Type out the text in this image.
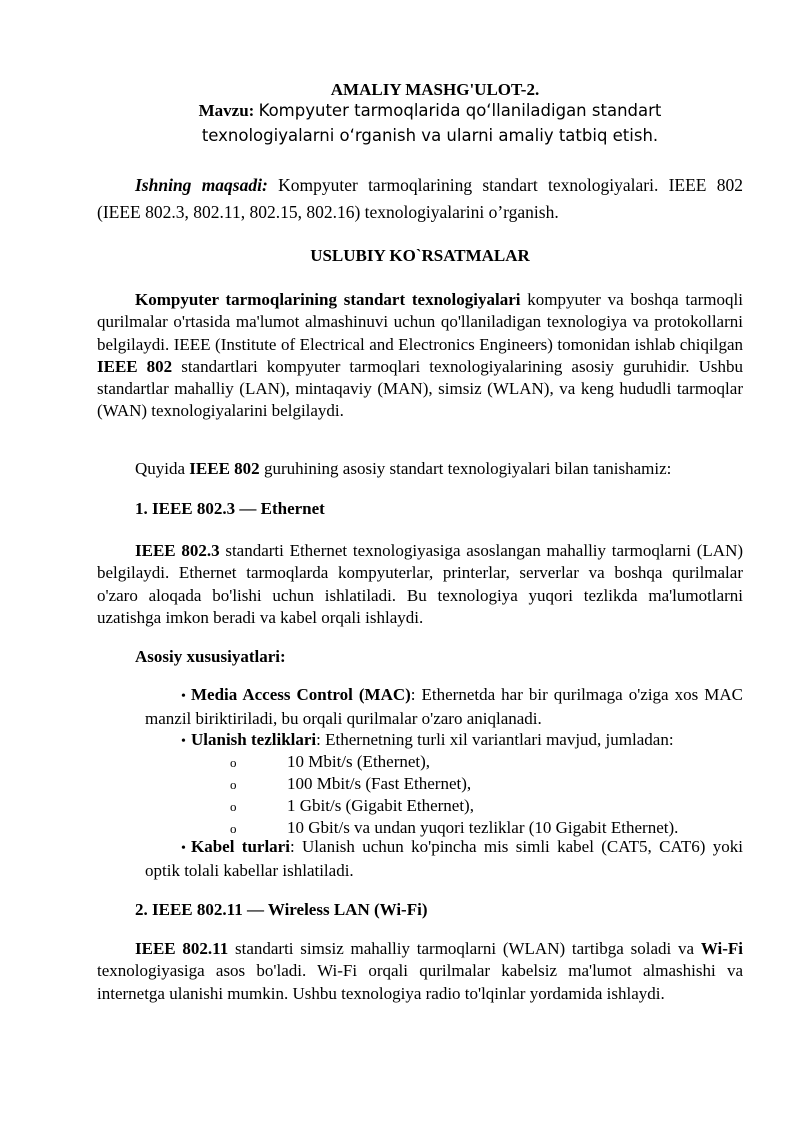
AMALIY MASHG'ULOT-2.
Mavzu: Kompyuter tarmoqlarida qo‘llaniladigan standart
texnologiyalarni o‘rganish va ularni amaliy tatbiq etish.
Ishning maqsadi: Kompyuter tarmoqlarining standart texnologiyalari. IEEE 802 (IEEE 802.3, 802.11, 802.15, 802.16) texnologiyalarini o’rganish.
USLUBIY KO`RSATMALAR
Kompyuter tarmoqlarining standart texnologiyalari kompyuter va boshqa tarmoqli qurilmalar o'rtasida ma'lumot almashinuvi uchun qo'llaniladigan texnologiya va protokollarni belgilaydi. IEEE (Institute of Electrical and Electronics Engineers) tomonidan ishlab chiqilgan IEEE 802 standartlari kompyuter tarmoqlari texnologiyalarining asosiy guruhidir. Ushbu standartlar mahalliy (LAN), mintaqaviy (MAN), simsiz (WLAN), va keng hududli tarmoqlar (WAN) texnologiyalarini belgilaydi.
Quyida IEEE 802 guruhining asosiy standart texnologiyalari bilan tanishamiz:
1. IEEE 802.3 — Ethernet
IEEE 802.3 standarti Ethernet texnologiyasiga asoslangan mahalliy tarmoqlarni (LAN) belgilaydi. Ethernet tarmoqlarda kompyuterlar, printerlar, serverlar va boshqa qurilmalar o'zaro aloqada bo'lishi uchun ishlatiladi. Bu texnologiya yuqori tezlikda ma'lumotlarni uzatishga imkon beradi va kabel orqali ishlaydi.
Asosiy xususiyatlari:
• Media Access Control (MAC): Ethernetda har bir qurilmaga o'ziga xos MAC manzil biriktiriladi, bu orqali qurilmalar o'zaro aniqlanadi.
• Ulanish tezliklari: Ethernetning turli xil variantlari mavjud, jumladan:
o	10 Mbit/s (Ethernet),
o	100 Mbit/s (Fast Ethernet),
o	1 Gbit/s (Gigabit Ethernet),
o	10 Gbit/s va undan yuqori tezliklar (10 Gigabit Ethernet).
• Kabel turlari: Ulanish uchun ko'pincha mis simli kabel (CAT5, CAT6) yoki optik tolali kabellar ishlatiladi.
2. IEEE 802.11 — Wireless LAN (Wi-Fi)
IEEE 802.11 standarti simsiz mahalliy tarmoqlarni (WLAN) tartibga soladi va Wi-Fi texnologiyasiga asos bo'ladi. Wi-Fi orqali qurilmalar kabelsiz ma'lumot almashishi va internetga ulanishi mumkin. Ushbu texnologiya radio to'lqinlar yordamida ishlaydi.
